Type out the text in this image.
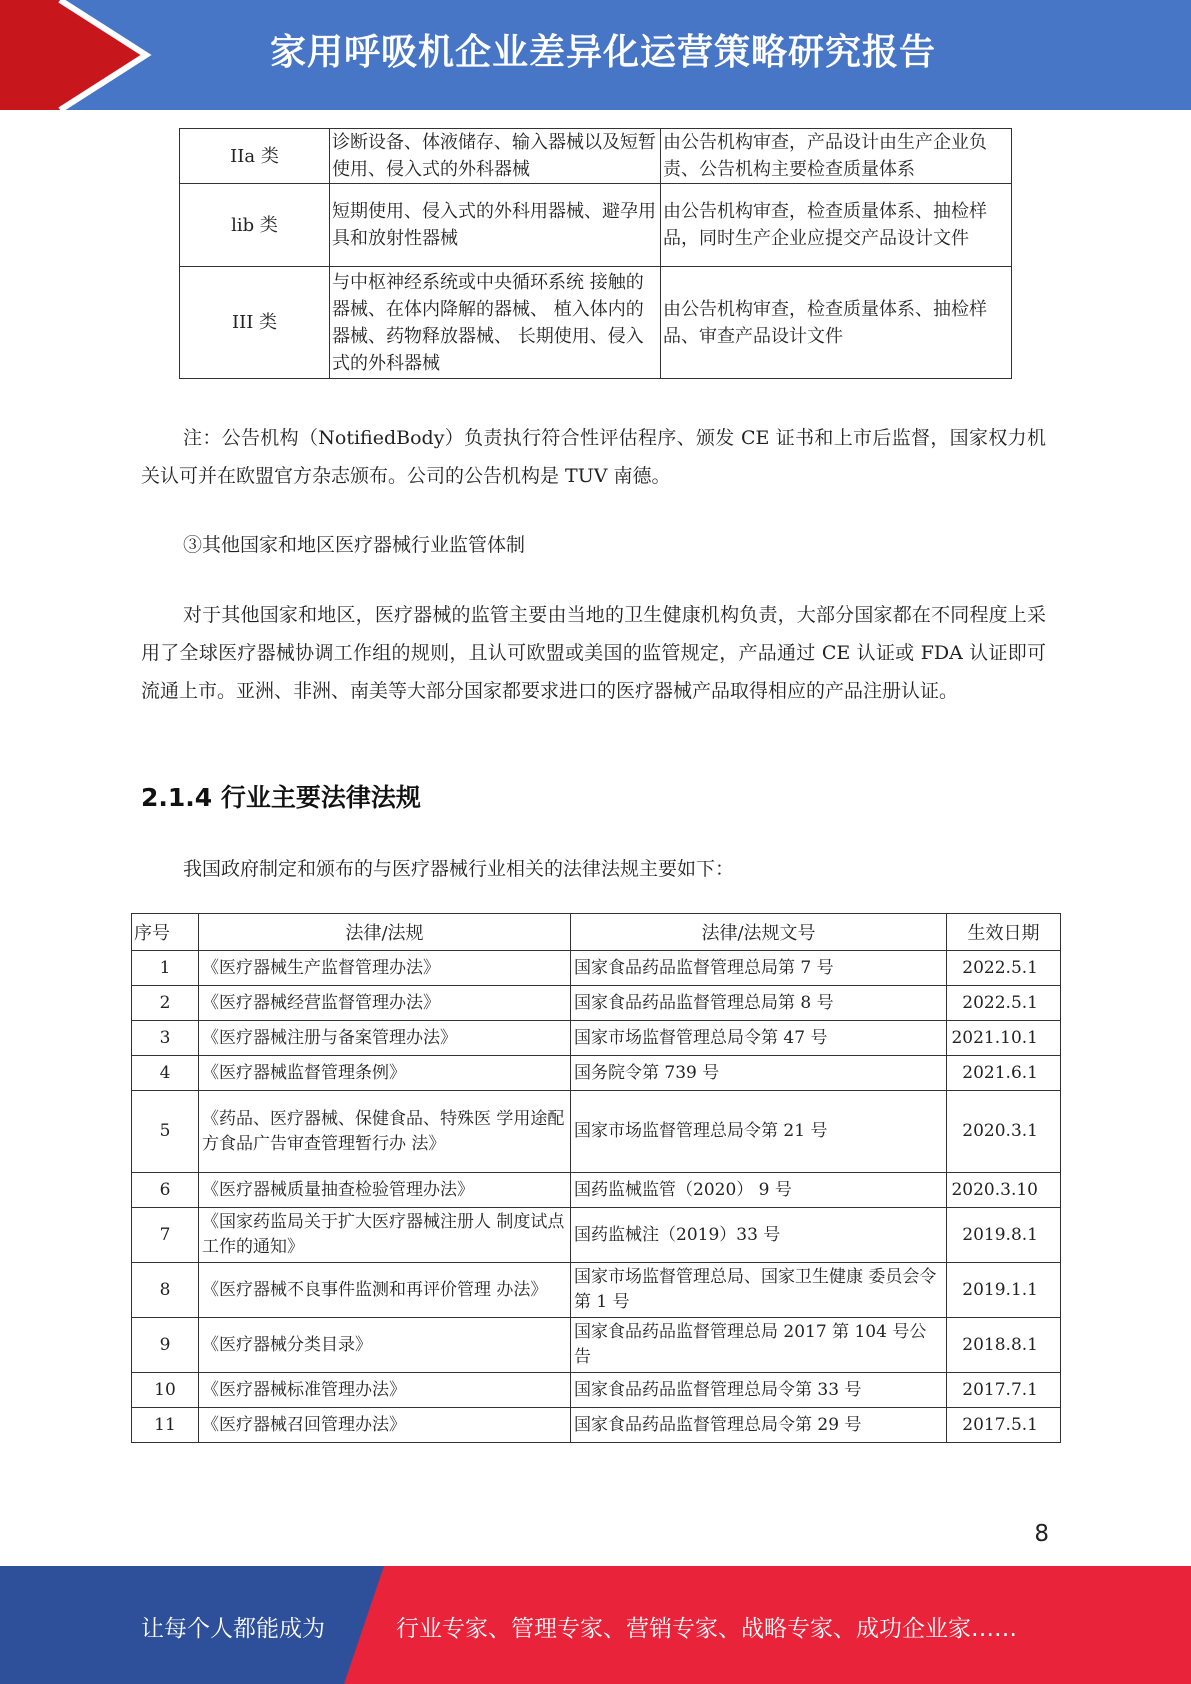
家用呼吸机企业差异化运营策略研究报告
IIa 类	诊断设备、体液储存、输入器械以及短暂使用、侵入式的外科器械	由公告机构审查，产品设计由生产企业负责、公告机构主要检查质量体系
lib 类	短期使用、侵入式的外科用器械、避孕用具和放射性器械	由公告机构审查，检查质量体系、抽检样品，同时生产企业应提交产品设计文件
III 类	与中枢神经系统或中央循环系统 接触的器械、在体内降解的器械、 植入体内的器械、药物释放器械、 长期使用、侵入式的外科器械	由公告机构审查，检查质量体系、抽检样品、审查产品设计文件

注：公告机构（NotifiedBody）负责执行符合性评估程序、颁发 CE 证书和上市后监督，国家权力机关认可并在欧盟官方杂志颁布。公司的公告机构是 TUV 南德。

③其他国家和地区医疗器械行业监管体制

对于其他国家和地区，医疗器械的监管主要由当地的卫生健康机构负责，大部分国家都在不同程度上采用了全球医疗器械协调工作组的规则，且认可欧盟或美国的监管规定，产品通过 CE 认证或 FDA 认证即可流通上市。亚洲、非洲、南美等大部分国家都要求进口的医疗器械产品取得相应的产品注册认证。

2.1.4 行业主要法律法规

我国政府制定和颁布的与医疗器械行业相关的法律法规主要如下：

序号	法律/法规	法律/法规文号	生效日期
1	《医疗器械生产监督管理办法》	国家食品药品监督管理总局第 7 号	2022.5.1
2	《医疗器械经营监督管理办法》	国家食品药品监督管理总局第 8 号	2022.5.1
3	《医疗器械注册与备案管理办法》	国家市场监督管理总局令第 47 号	2021.10.1
4	《医疗器械监督管理条例》	国务院令第 739 号	2021.6.1
5	《药品、医疗器械、保健食品、特殊医 学用途配方食品广告审查管理暂行办 法》	国家市场监督管理总局令第 21 号	2020.3.1
6	《医疗器械质量抽查检验管理办法》	国药监械监管（2020） 9 号	2020.3.10
7	《国家药监局关于扩大医疗器械注册人 制度试点工作的通知》	国药监械注（2019）33 号	2019.8.1
8	《医疗器械不良事件监测和再评价管理 办法》	国家市场监督管理总局、国家卫生健康 委员会令第 1 号	2019.1.1
9	《医疗器械分类目录》	国家食品药品监督管理总局 2017 第 104 号公告	2018.8.1
10	《医疗器械标准管理办法》	国家食品药品监督管理总局令第 33 号	2017.7.1
11	《医疗器械召回管理办法》	国家食品药品监督管理总局令第 29 号	2017.5.1
8
让每个人都能成为	行业专家、管理专家、营销专家、战略专家、成功企业家……
